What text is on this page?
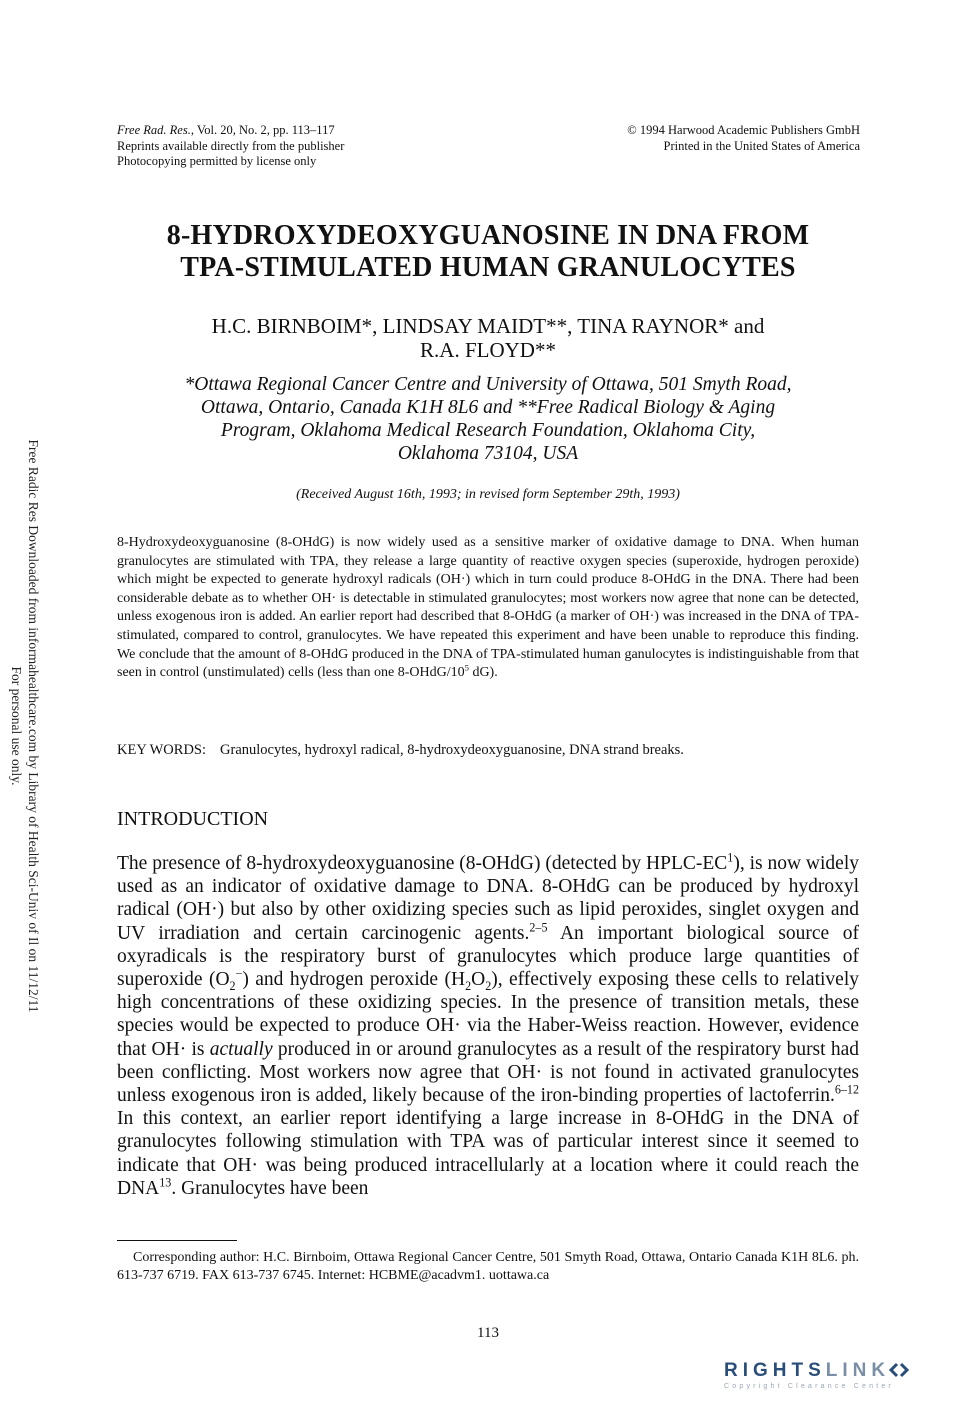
Free Rad. Res., Vol. 20, No. 2, pp. 113–117
Reprints available directly from the publisher
Photocopying permitted by license only
© 1994 Harwood Academic Publishers GmbH
Printed in the United States of America
8-HYDROXYDEOXYGUANOSINE IN DNA FROM
TPA-STIMULATED HUMAN GRANULOCYTES
H.C. BIRNBOIM*, LINDSAY MAIDT**, TINA RAYNOR* and
R.A. FLOYD**
*Ottawa Regional Cancer Centre and University of Ottawa, 501 Smyth Road,
Ottawa, Ontario, Canada K1H 8L6 and **Free Radical Biology & Aging
Program, Oklahoma Medical Research Foundation, Oklahoma City,
Oklahoma 73104, USA
(Received August 16th, 1993; in revised form September 29th, 1993)
8-Hydroxydeoxyguanosine (8-OHdG) is now widely used as a sensitive marker of oxidative damage to DNA. When human granulocytes are stimulated with TPA, they release a large quantity of reactive oxygen species (superoxide, hydrogen peroxide) which might be expected to generate hydroxyl radicals (OH·) which in turn could produce 8-OHdG in the DNA. There had been considerable debate as to whether OH· is detectable in stimulated granulocytes; most workers now agree that none can be detected, unless exogenous iron is added. An earlier report had described that 8-OHdG (a marker of OH·) was increased in the DNA of TPA-stimulated, compared to control, granulocytes. We have repeated this experiment and have been unable to reproduce this finding. We conclude that the amount of 8-OHdG produced in the DNA of TPA-stimulated human ganulocytes is indistinguishable from that seen in control (unstimulated) cells (less than one $8-OHdG/10^5$ dG).
KEY WORDS: Granulocytes, hydroxyl radical, 8-hydroxydeoxyguanosine, DNA strand breaks.
INTRODUCTION
The presence of 8-hydroxydeoxyguanosine (8-OHdG) (detected by HPLC-$EC^1$), is now widely used as an indicator of oxidative damage to DNA. 8-OHdG can be produced by hydroxyl radical (OH·) but also by other oxidizing species such as lipid peroxides, singlet oxygen and UV irradiation and certain carcinogenic agents.$^{2-5}$ An important biological source of oxyradicals is the respiratory burst of granulocytes which produce large quantities of superoxide $(O_2^-)$ and hydrogen peroxide $(H_2O_2)$, effectively exposing these cells to relatively high concentrations of these oxidizing species. In the presence of transition metals, these species would be expected to produce OH· via the Haber-Weiss reaction. However, evidence that OH· is actually produced in or around granulocytes as a result of the respiratory burst had been conflicting. Most workers now agree that OH· is not found in activated granulocytes unless exogenous iron is added, likely because of the iron-binding properties of lactoferrin.$^{6-12}$ In this context, an earlier report identifying a large increase in 8-OHdG in the DNA of granulocytes following stimulation with TPA was of particular interest since it seemed to indicate that OH· was being produced intracellularly at a location where it could reach the DNA$^{13}$. Granulocytes have been
Corresponding author: H.C. Birnboim, Ottawa Regional Cancer Centre, 501 Smyth Road, Ottawa, Ontario Canada K1H 8L6. ph. 613-737 6719. FAX 613-737 6745. Internet: HCBME@acadvm1. uottawa.ca
113
Free Radic Res Downloaded from informahealthcare.com by Library of Health Sci-Univ of Il on 11/12/11
For personal use only.
RIGHTSLINK
Copyright Clearance Center
